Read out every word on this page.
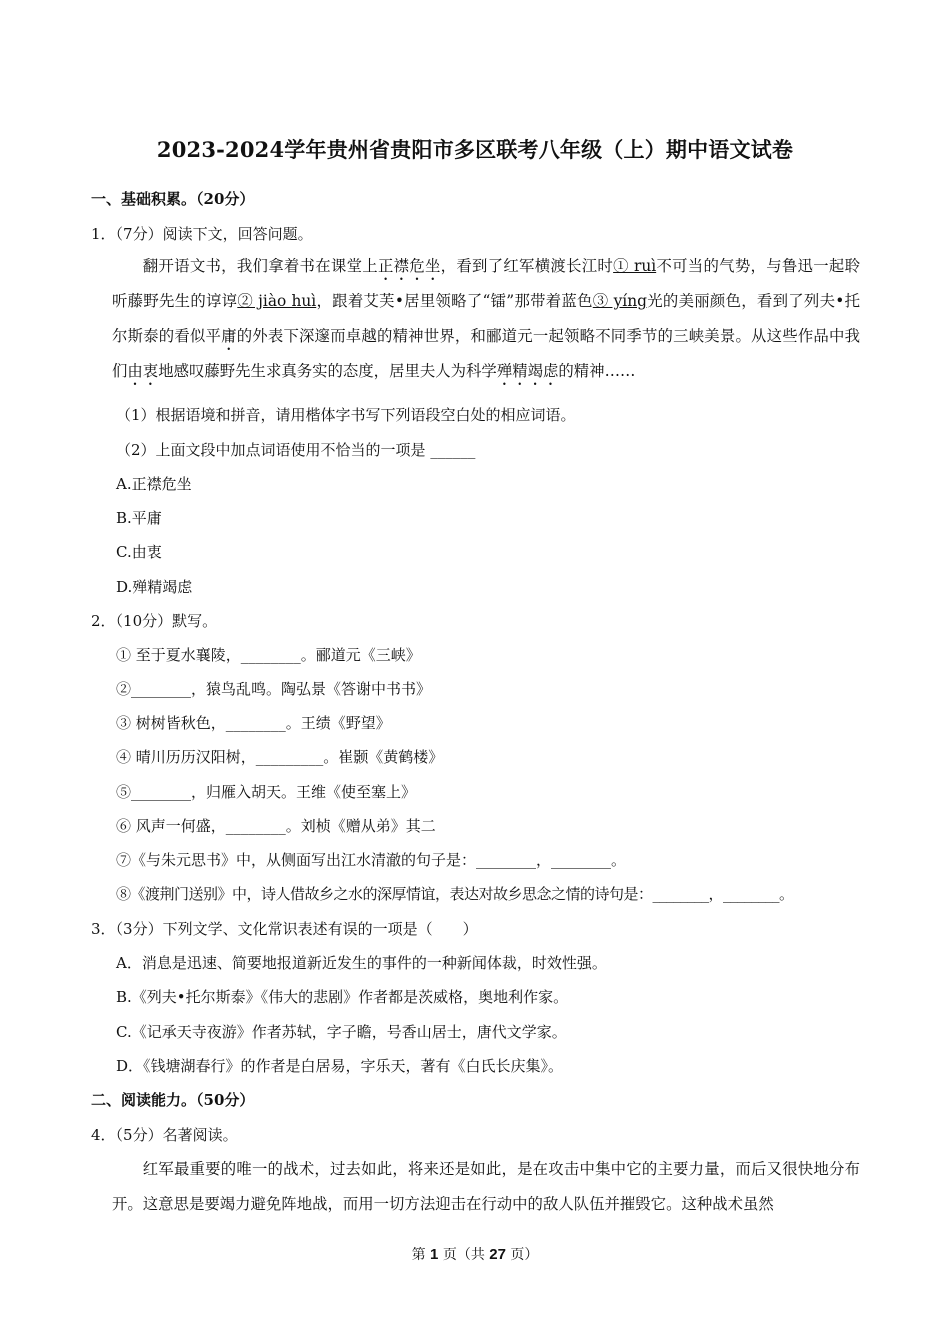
2023-2024学年贵州省贵阳市多区联考八年级（上）期中语文试卷
一、基础积累。（20分）
1．（7分）阅读下文，回答问题。
翻开语文书，我们拿着书在课堂上正襟危坐，看到了红军横渡长江时① ruì不可当的气势，与鲁迅一起聆听藤野先生的谆谆② jiào huì，跟着艾芙•居里领略了“镭”那带着蓝色③ yíng光的美丽颜色，看到了列夫•托尔斯泰的看似平庸的外表下深邃而卓越的精神世界，和郦道元一起领略不同季节的三峡美景。从这些作品中我们由衷地感叹藤野先生求真务实的态度，居里夫人为科学殚精竭虑的精神……
（1）根据语境和拼音，请用楷体字书写下列语段空白处的相应词语。
（2）上面文段中加点词语使用不恰当的一项是 ______
A.正襟危坐
B.平庸
C.由衷
D.殚精竭虑
2．（10分）默写。
① 至于夏水襄陵，________。郦道元《三峡》
②________，猿鸟乱鸣。陶弘景《答谢中书书》
③ 树树皆秋色，________。王绩《野望》
④ 晴川历历汉阳树，_________。崔颢《黄鹤楼》
⑤________，归雁入胡天。王维《使至塞上》
⑥ 风声一何盛，________。刘桢《赠从弟》其二
⑦《与朱元思书》中，从侧面写出江水清澈的句子是：________，________。
⑧《渡荆门送别》中，诗人借故乡之水的深厚情谊，表达对故乡思念之情的诗句是：________，________。
3．（3分）下列文学、文化常识表述有误的一项是（　　）
A．消息是迅速、简要地报道新近发生的事件的一种新闻体裁，时效性强。
B.《列夫•托尔斯泰》《伟大的悲剧》作者都是茨威格，奥地利作家。
C.《记承天寺夜游》作者苏轼，字子瞻，号香山居士，唐代文学家。
D．《钱塘湖春行》的作者是白居易，字乐天，著有《白氏长庆集》。
二、阅读能力。（50分）
4．（5分）名著阅读。
红军最重要的唯一的战术，过去如此，将来还是如此，是在攻击中集中它的主要力量，而后又很快地分布开。这意思是要竭力避免阵地战，而用一切方法迎击在行动中的敌人队伍并摧毁它。这种战术虽然
第 1 页（共 27 页）
